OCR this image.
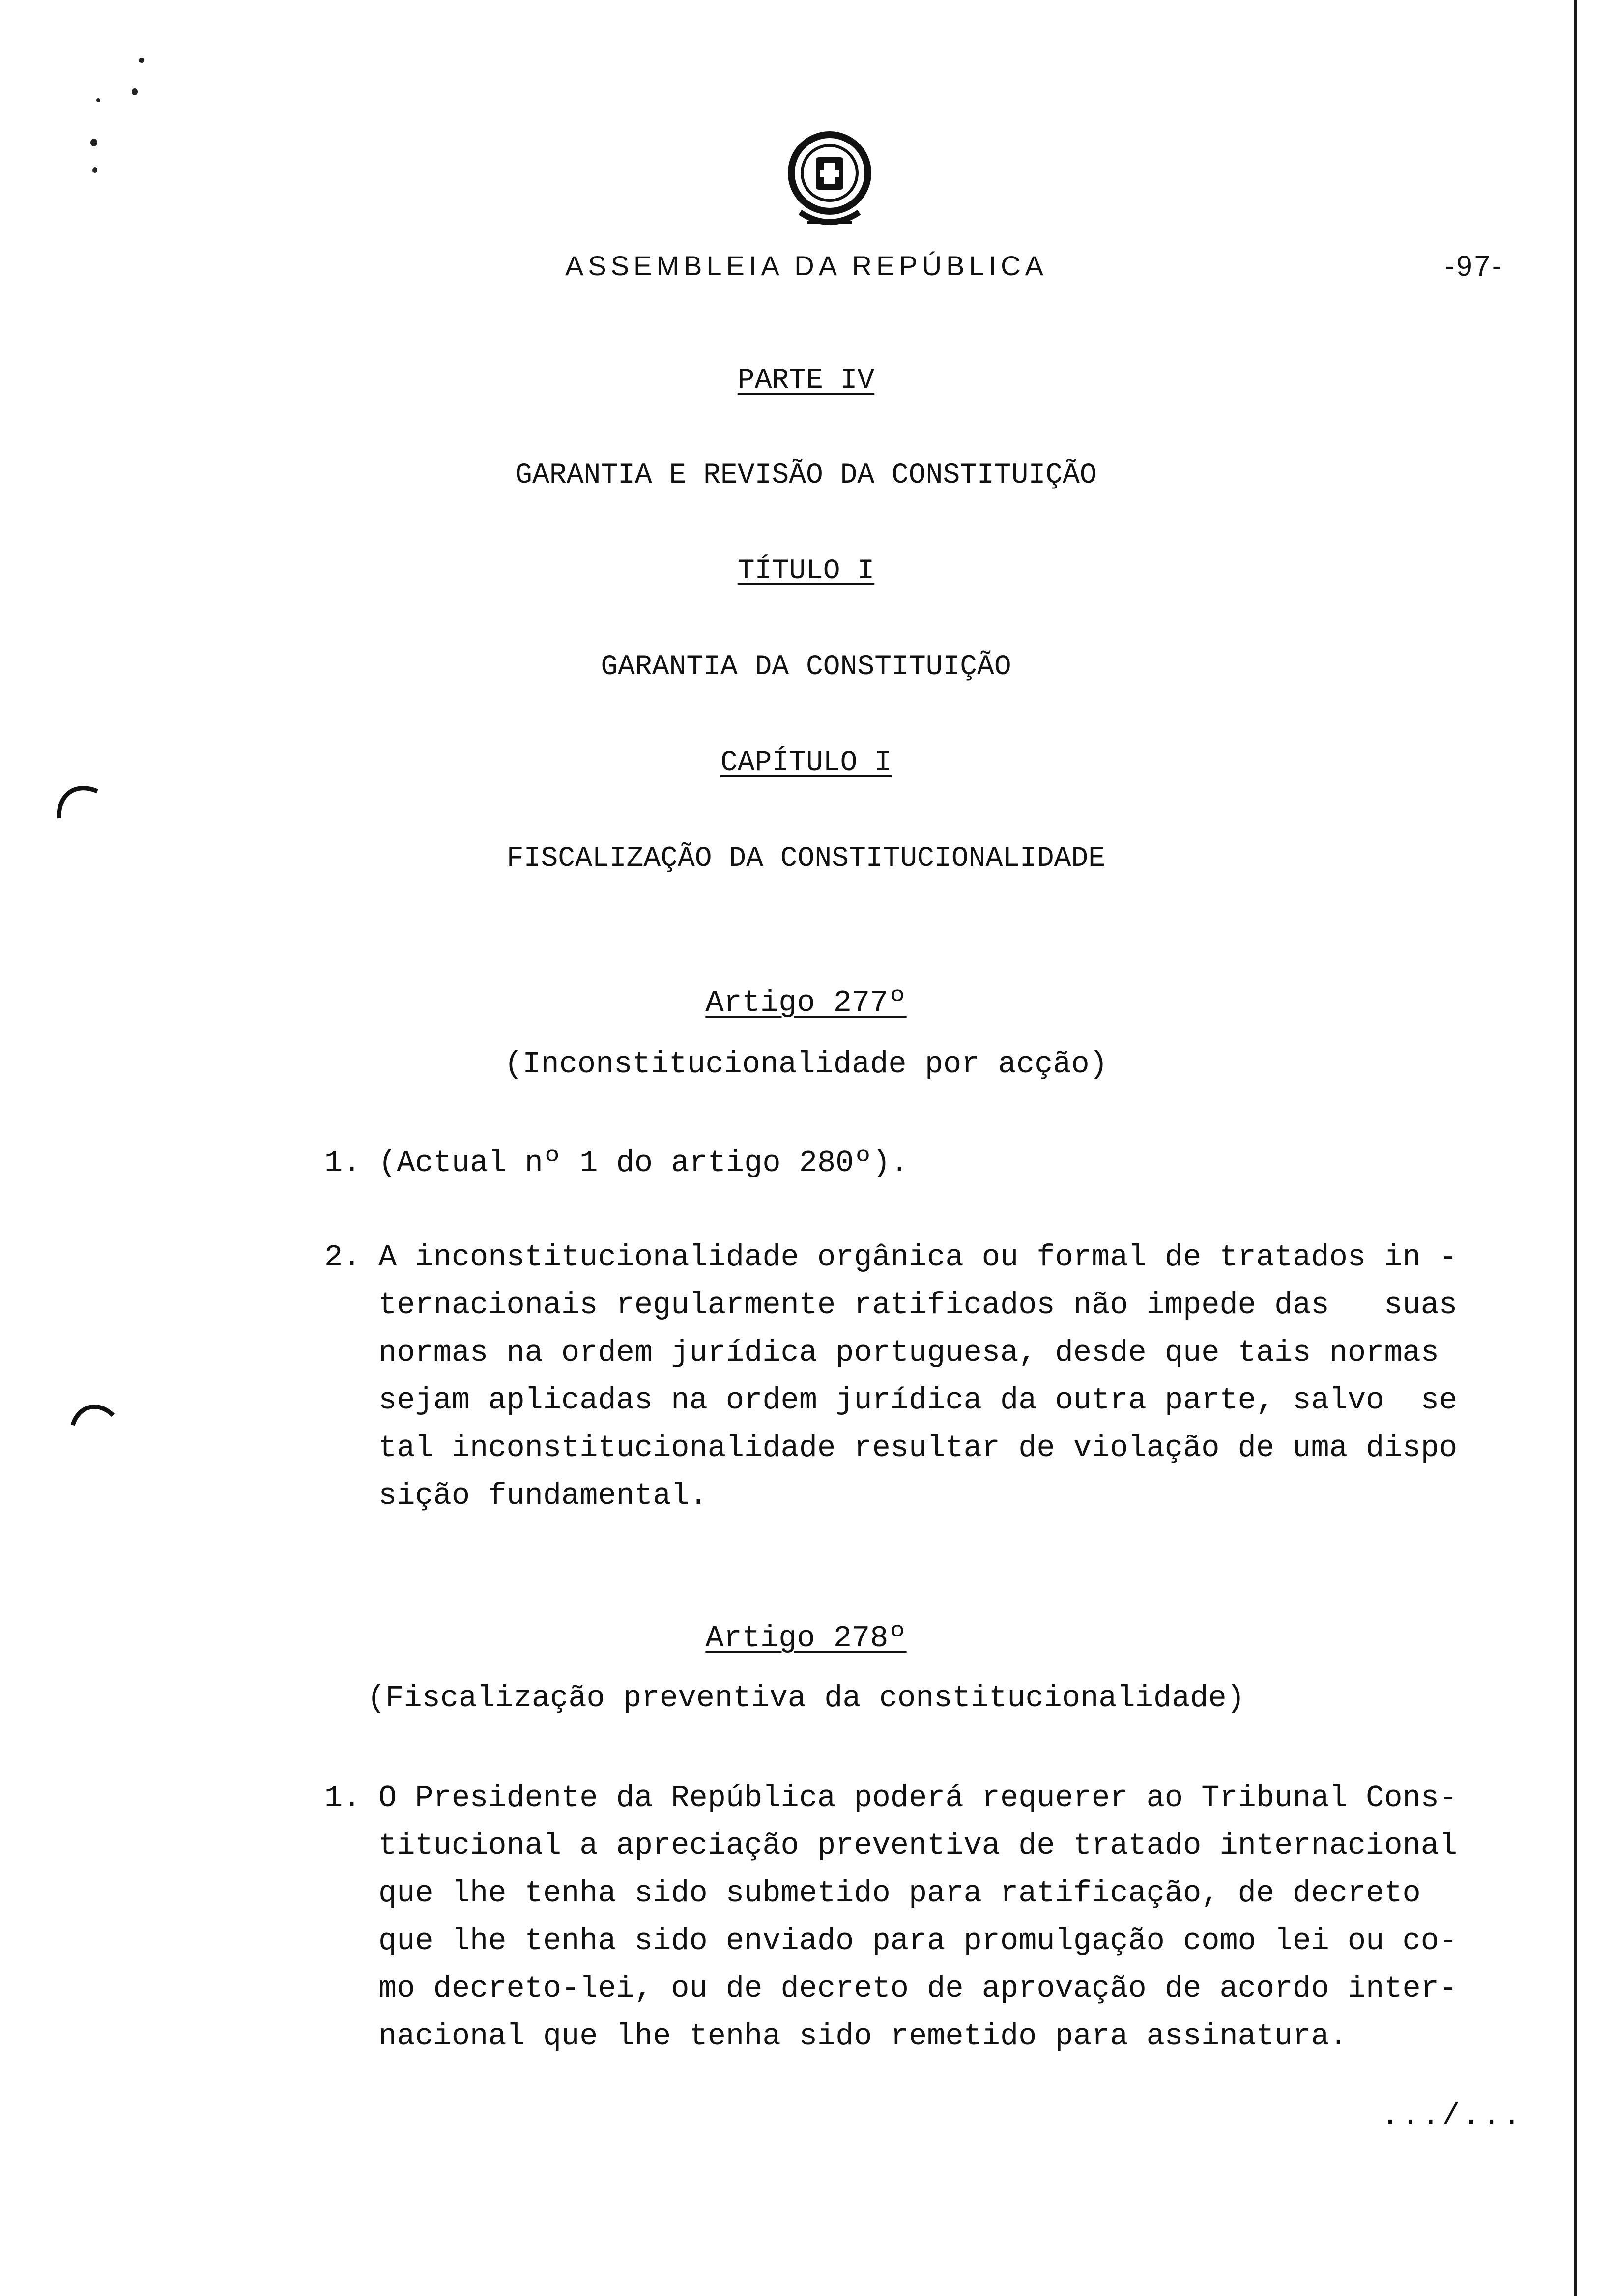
ASSEMBLEIA DA REPÚBLICA	-97-
PARTE IV
GARANTIA E REVISÃO DA CONSTITUIÇÃO
TÍTULO I
GARANTIA DA CONSTITUIÇÃO
CAPÍTULO I
FISCALIZAÇÃO DA CONSTITUCIONALIDADE
Artigo 277º
(Inconstitucionalidade por acção)
1. (Actual nº 1 do artigo 280º).
2. A inconstitucionalidade orgânica ou formal de tratados in -
ternacionais regularmente ratificados não impede das   suas
normas na ordem jurídica portuguesa, desde que tais normas
sejam aplicadas na ordem jurídica da outra parte, salvo  se
tal inconstitucionalidade resultar de violação de uma dispo
sição fundamental.
Artigo 278º
(Fiscalização preventiva da constitucionalidade)
1. O Presidente da República poderá requerer ao Tribunal Cons-
titucional a apreciação preventiva de tratado internacional
que lhe tenha sido submetido para ratificação, de decreto
que lhe tenha sido enviado para promulgação como lei ou co-
mo decreto-lei, ou de decreto de aprovação de acordo inter-
nacional que lhe tenha sido remetido para assinatura.
.../...
